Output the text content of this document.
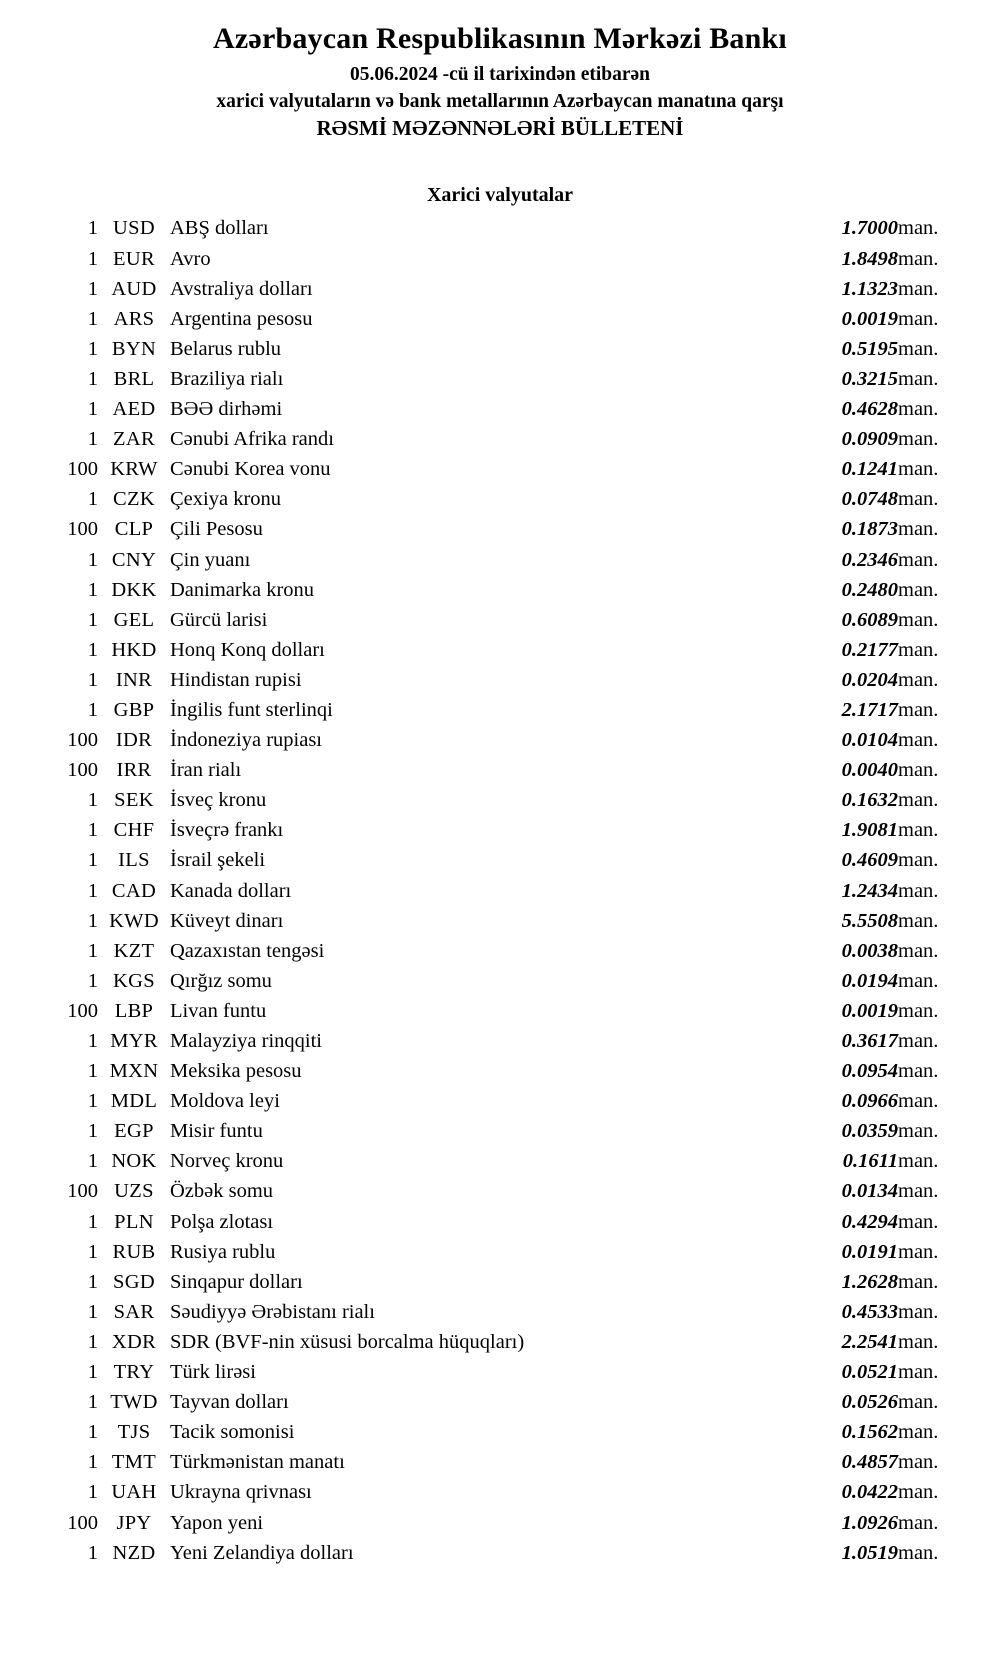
Azərbaycan Respublikasının Mərkəzi Bankı
05.06.2024 -cü il tarixindən etibarən
xarici valyutaların və bank metallarının Azərbaycan manatına qarşı
RƏSMİ MƏZƏNNƏLƏRİ BÜLLETENİ
Xarici valyutalar
1	USD	ABŞ dolları	1.7000	man.
1	EUR	Avro	1.8498	man.
1	AUD	Avstraliya dolları	1.1323	man.
1	ARS	Argentina pesosu	0.0019	man.
1	BYN	Belarus rublu	0.5195	man.
1	BRL	Braziliya rialı	0.3215	man.
1	AED	BƏƏ dirhəmi	0.4628	man.
1	ZAR	Cənubi Afrika randı	0.0909	man.
100	KRW	Cənubi Korea vonu	0.1241	man.
1	CZK	Çexiya kronu	0.0748	man.
100	CLP	Çili Pesosu	0.1873	man.
1	CNY	Çin yuanı	0.2346	man.
1	DKK	Danimarka kronu	0.2480	man.
1	GEL	Gürcü larisi	0.6089	man.
1	HKD	Honq Konq dolları	0.2177	man.
1	INR	Hindistan rupisi	0.0204	man.
1	GBP	İngilis funt sterlinqi	2.1717	man.
100	IDR	İndoneziya rupiası	0.0104	man.
100	IRR	İran rialı	0.0040	man.
1	SEK	İsveç kronu	0.1632	man.
1	CHF	İsveçrə frankı	1.9081	man.
1	ILS	İsrail şekeli	0.4609	man.
1	CAD	Kanada dolları	1.2434	man.
1	KWD	Küveyt dinarı	5.5508	man.
1	KZT	Qazaxıstan tengəsi	0.0038	man.
1	KGS	Qırğız somu	0.0194	man.
100	LBP	Livan funtu	0.0019	man.
1	MYR	Malayziya rinqqiti	0.3617	man.
1	MXN	Meksika pesosu	0.0954	man.
1	MDL	Moldova leyi	0.0966	man.
1	EGP	Misir funtu	0.0359	man.
1	NOK	Norveç kronu	0.1611	man.
100	UZS	Özbək somu	0.0134	man.
1	PLN	Polşa zlotası	0.4294	man.
1	RUB	Rusiya rublu	0.0191	man.
1	SGD	Sinqapur dolları	1.2628	man.
1	SAR	Səudiyyə Ərəbistanı rialı	0.4533	man.
1	XDR	SDR (BVF-nin xüsusi borcalma hüquqları)	2.2541	man.
1	TRY	Türk lirəsi	0.0521	man.
1	TWD	Tayvan dolları	0.0526	man.
1	TJS	Tacik somonisi	0.1562	man.
1	TMT	Türkmənistan manatı	0.4857	man.
1	UAH	Ukrayna qrivnası	0.0422	man.
100	JPY	Yapon yeni	1.0926	man.
1	NZD	Yeni Zelandiya dolları	1.0519	man.
